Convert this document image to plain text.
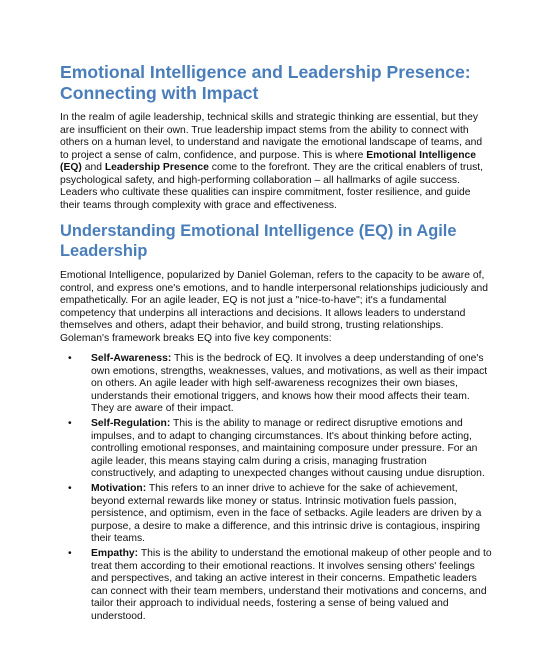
Emotional Intelligence and Leadership Presence: Connecting with Impact

In the realm of agile leadership, technical skills and strategic thinking are essential, but they are insufficient on their own. True leadership impact stems from the ability to connect with others on a human level, to understand and navigate the emotional landscape of teams, and to project a sense of calm, confidence, and purpose. This is where Emotional Intelligence (EQ) and Leadership Presence come to the forefront. They are the critical enablers of trust, psychological safety, and high-performing collaboration – all hallmarks of agile success. Leaders who cultivate these qualities can inspire commitment, foster resilience, and guide their teams through complexity with grace and effectiveness.

Understanding Emotional Intelligence (EQ) in Agile Leadership

Emotional Intelligence, popularized by Daniel Goleman, refers to the capacity to be aware of, control, and express one's emotions, and to handle interpersonal relationships judiciously and empathetically. For an agile leader, EQ is not just a "nice-to-have"; it's a fundamental competency that underpins all interactions and decisions. It allows leaders to understand themselves and others, adapt their behavior, and build strong, trusting relationships. Goleman's framework breaks EQ into five key components:

• Self-Awareness: This is the bedrock of EQ. It involves a deep understanding of one's own emotions, strengths, weaknesses, values, and motivations, as well as their impact on others. An agile leader with high self-awareness recognizes their own biases, understands their emotional triggers, and knows how their mood affects their team. They are aware of their impact.
• Self-Regulation: This is the ability to manage or redirect disruptive emotions and impulses, and to adapt to changing circumstances. It's about thinking before acting, controlling emotional responses, and maintaining composure under pressure. For an agile leader, this means staying calm during a crisis, managing frustration constructively, and adapting to unexpected changes without causing undue disruption.
• Motivation: This refers to an inner drive to achieve for the sake of achievement, beyond external rewards like money or status. Intrinsic motivation fuels passion, persistence, and optimism, even in the face of setbacks. Agile leaders are driven by a purpose, a desire to make a difference, and this intrinsic drive is contagious, inspiring their teams.
• Empathy: This is the ability to understand the emotional makeup of other people and to treat them according to their emotional reactions. It involves sensing others' feelings and perspectives, and taking an active interest in their concerns. Empathetic leaders can connect with their team members, understand their motivations and concerns, and tailor their approach to individual needs, fostering a sense of being valued and understood.
